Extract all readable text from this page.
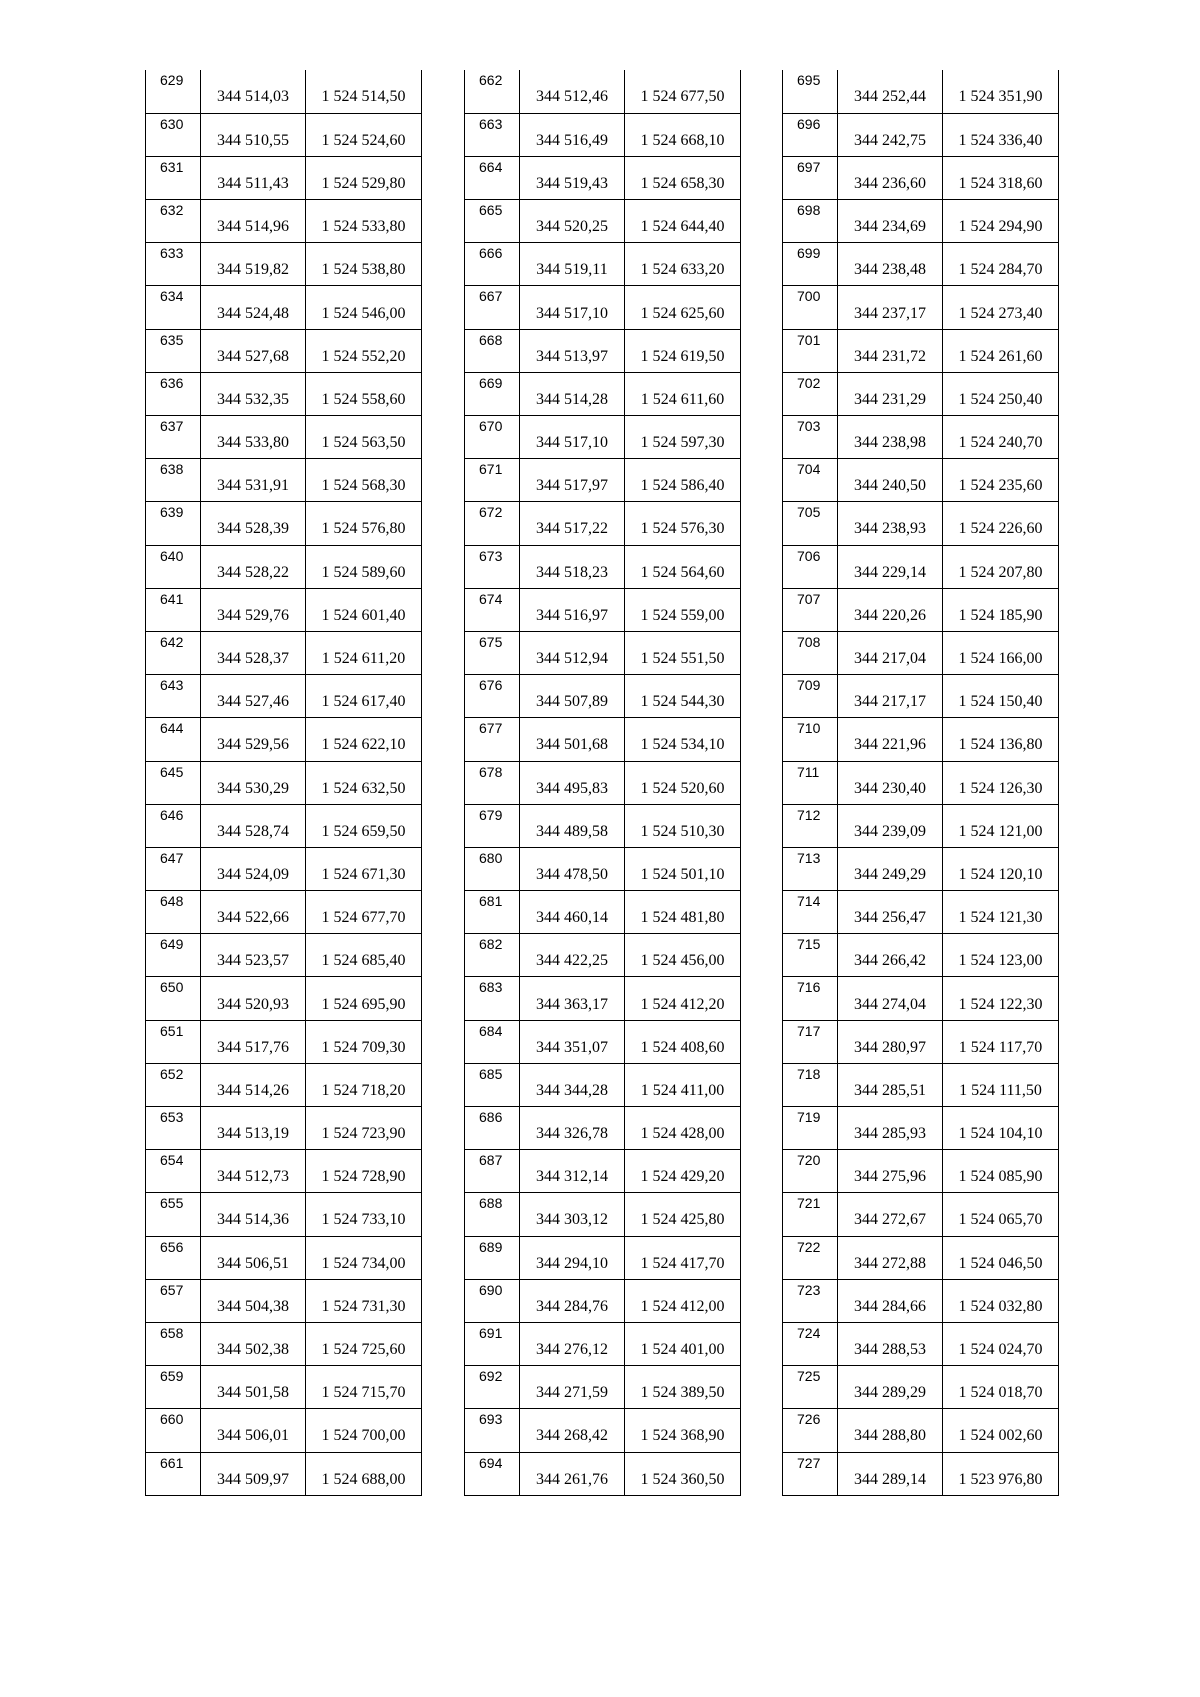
629	344 514,03	1 524 514,50

630	344 510,55	1 524 524,60

631	344 511,43	1 524 529,80

632	344 514,96	1 524 533,80

633	344 519,82	1 524 538,80

634	344 524,48	1 524 546,00

635	344 527,68	1 524 552,20

636	344 532,35	1 524 558,60

637	344 533,80	1 524 563,50

638	344 531,91	1 524 568,30

639	344 528,39	1 524 576,80

640	344 528,22	1 524 589,60

641	344 529,76	1 524 601,40

642	344 528,37	1 524 611,20

643	344 527,46	1 524 617,40

644	344 529,56	1 524 622,10

645	344 530,29	1 524 632,50

646	344 528,74	1 524 659,50

647	344 524,09	1 524 671,30

648	344 522,66	1 524 677,70

649	344 523,57	1 524 685,40

650	344 520,93	1 524 695,90

651	344 517,76	1 524 709,30

652	344 514,26	1 524 718,20

653	344 513,19	1 524 723,90

654	344 512,73	1 524 728,90

655	344 514,36	1 524 733,10

656	344 506,51	1 524 734,00

657	344 504,38	1 524 731,30

658	344 502,38	1 524 725,60

659	344 501,58	1 524 715,70

660	344 506,01	1 524 700,00

661	344 509,97	1 524 688,00
662	344 512,46	1 524 677,50

663	344 516,49	1 524 668,10

664	344 519,43	1 524 658,30

665	344 520,25	1 524 644,40

666	344 519,11	1 524 633,20

667	344 517,10	1 524 625,60

668	344 513,97	1 524 619,50

669	344 514,28	1 524 611,60

670	344 517,10	1 524 597,30

671	344 517,97	1 524 586,40

672	344 517,22	1 524 576,30

673	344 518,23	1 524 564,60

674	344 516,97	1 524 559,00

675	344 512,94	1 524 551,50

676	344 507,89	1 524 544,30

677	344 501,68	1 524 534,10

678	344 495,83	1 524 520,60

679	344 489,58	1 524 510,30

680	344 478,50	1 524 501,10

681	344 460,14	1 524 481,80

682	344 422,25	1 524 456,00

683	344 363,17	1 524 412,20

684	344 351,07	1 524 408,60

685	344 344,28	1 524 411,00

686	344 326,78	1 524 428,00

687	344 312,14	1 524 429,20

688	344 303,12	1 524 425,80

689	344 294,10	1 524 417,70

690	344 284,76	1 524 412,00

691	344 276,12	1 524 401,00

692	344 271,59	1 524 389,50

693	344 268,42	1 524 368,90

694	344 261,76	1 524 360,50
695	344 252,44	1 524 351,90

696	344 242,75	1 524 336,40

697	344 236,60	1 524 318,60

698	344 234,69	1 524 294,90

699	344 238,48	1 524 284,70

700	344 237,17	1 524 273,40

701	344 231,72	1 524 261,60

702	344 231,29	1 524 250,40

703	344 238,98	1 524 240,70

704	344 240,50	1 524 235,60

705	344 238,93	1 524 226,60

706	344 229,14	1 524 207,80

707	344 220,26	1 524 185,90

708	344 217,04	1 524 166,00

709	344 217,17	1 524 150,40

710	344 221,96	1 524 136,80

711	344 230,40	1 524 126,30

712	344 239,09	1 524 121,00

713	344 249,29	1 524 120,10

714	344 256,47	1 524 121,30

715	344 266,42	1 524 123,00

716	344 274,04	1 524 122,30

717	344 280,97	1 524 117,70

718	344 285,51	1 524 111,50

719	344 285,93	1 524 104,10

720	344 275,96	1 524 085,90

721	344 272,67	1 524 065,70

722	344 272,88	1 524 046,50

723	344 284,66	1 524 032,80

724	344 288,53	1 524 024,70

725	344 289,29	1 524 018,70

726	344 288,80	1 524 002,60

727	344 289,14	1 523 976,80
